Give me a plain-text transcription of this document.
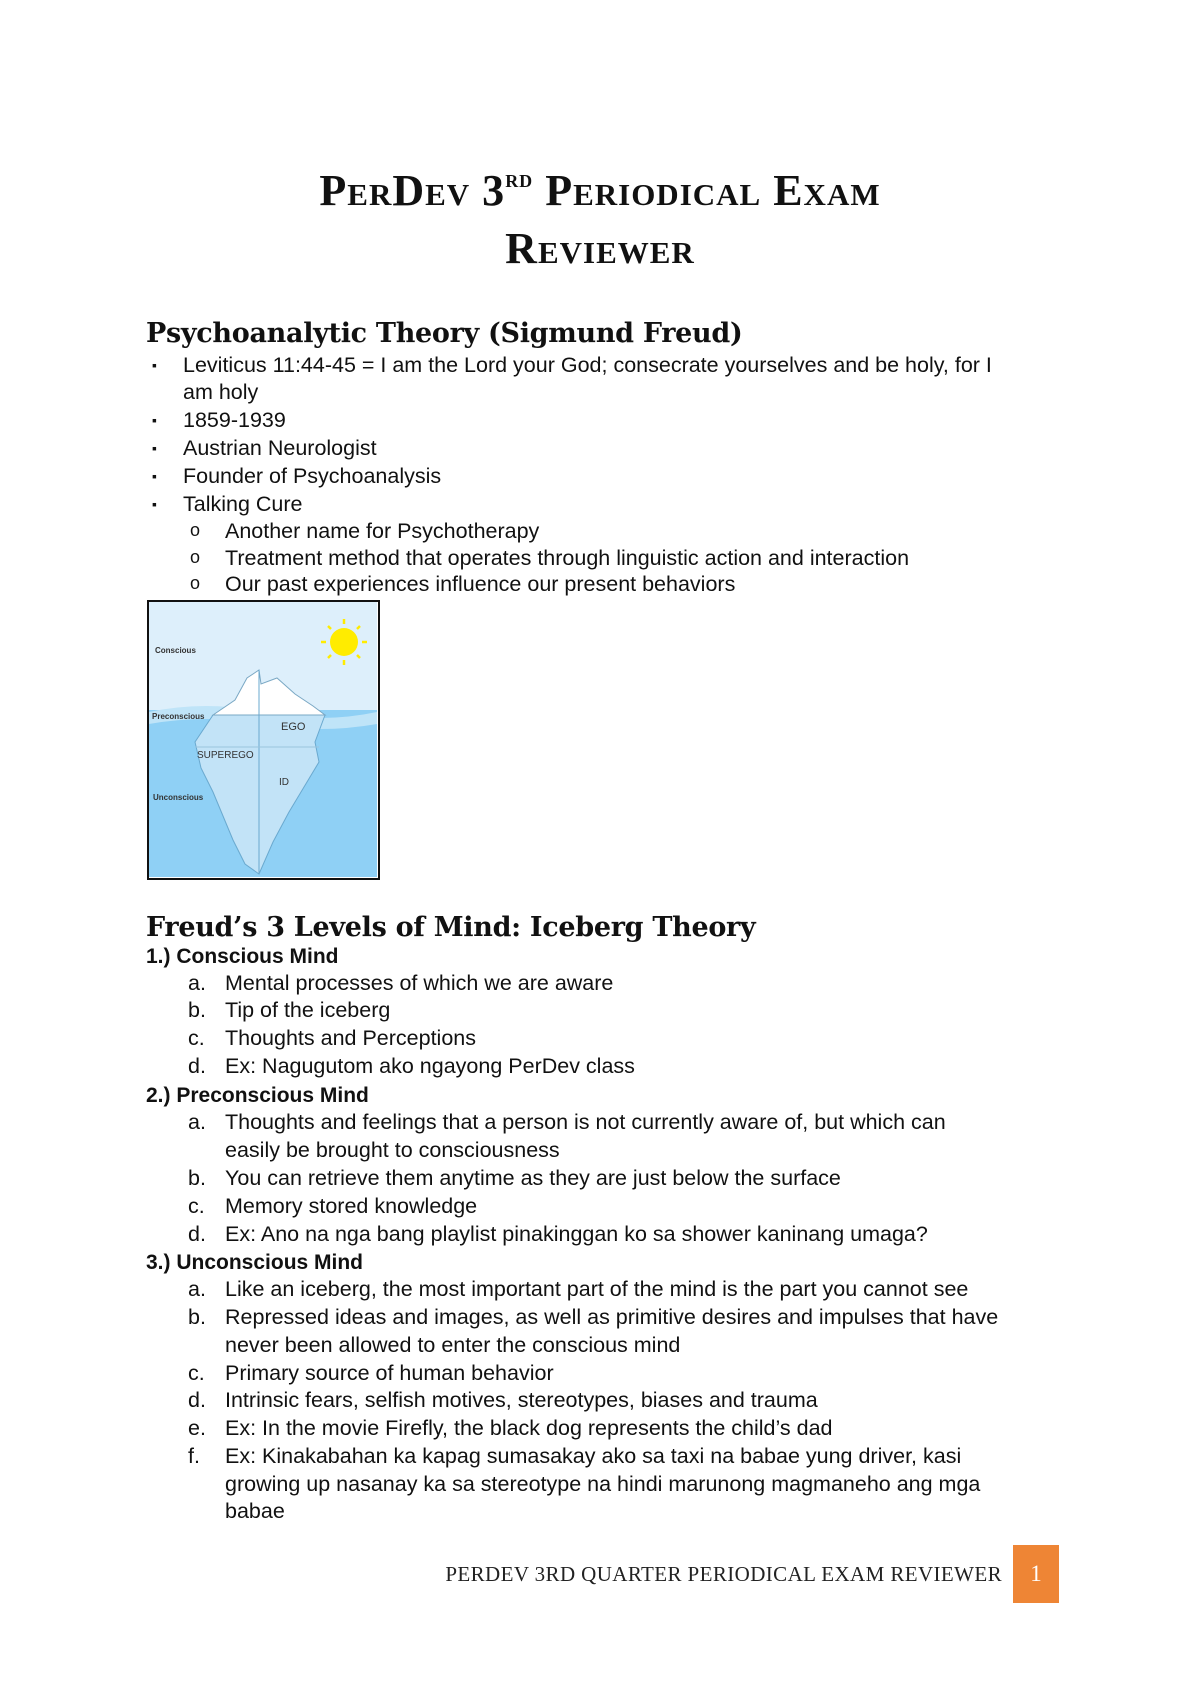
PerDev 3rd Periodical Exam
Reviewer
Psychoanalytic Theory (Sigmund Freud)
▪ Leviticus 11:44-45 = I am the Lord your God; consecrate yourselves and be holy, for I
am holy
▪ 1859-1939
▪ Austrian Neurologist
▪ Founder of Psychoanalysis
▪ Talking Cure
o Another name for Psychotherapy
o Treatment method that operates through linguistic action and interaction
o Our past experiences influence our present behaviors
Conscious
Preconscious
Unconscious
EGO
SUPEREGO
ID
Freud’s 3 Levels of Mind: Iceberg Theory
1.) Conscious Mind
a. Mental processes of which we are aware
b. Tip of the iceberg
c. Thoughts and Perceptions
d. Ex: Nagugutom ako ngayong PerDev class
2.) Preconscious Mind
a. Thoughts and feelings that a person is not currently aware of, but which can
easily be brought to consciousness
b. You can retrieve them anytime as they are just below the surface
c. Memory stored knowledge
d. Ex: Ano na nga bang playlist pinakinggan ko sa shower kaninang umaga?
3.) Unconscious Mind
a. Like an iceberg, the most important part of the mind is the part you cannot see
b. Repressed ideas and images, as well as primitive desires and impulses that have
never been allowed to enter the conscious mind
c. Primary source of human behavior
d. Intrinsic fears, selfish motives, stereotypes, biases and trauma
e. Ex: In the movie Firefly, the black dog represents the child’s dad
f. Ex: Kinakabahan ka kapag sumasakay ako sa taxi na babae yung driver, kasi
growing up nasanay ka sa stereotype na hindi marunong magmaneho ang mga
babae
PERDEV 3RD QUARTER PERIODICAL EXAM REVIEWER	1
